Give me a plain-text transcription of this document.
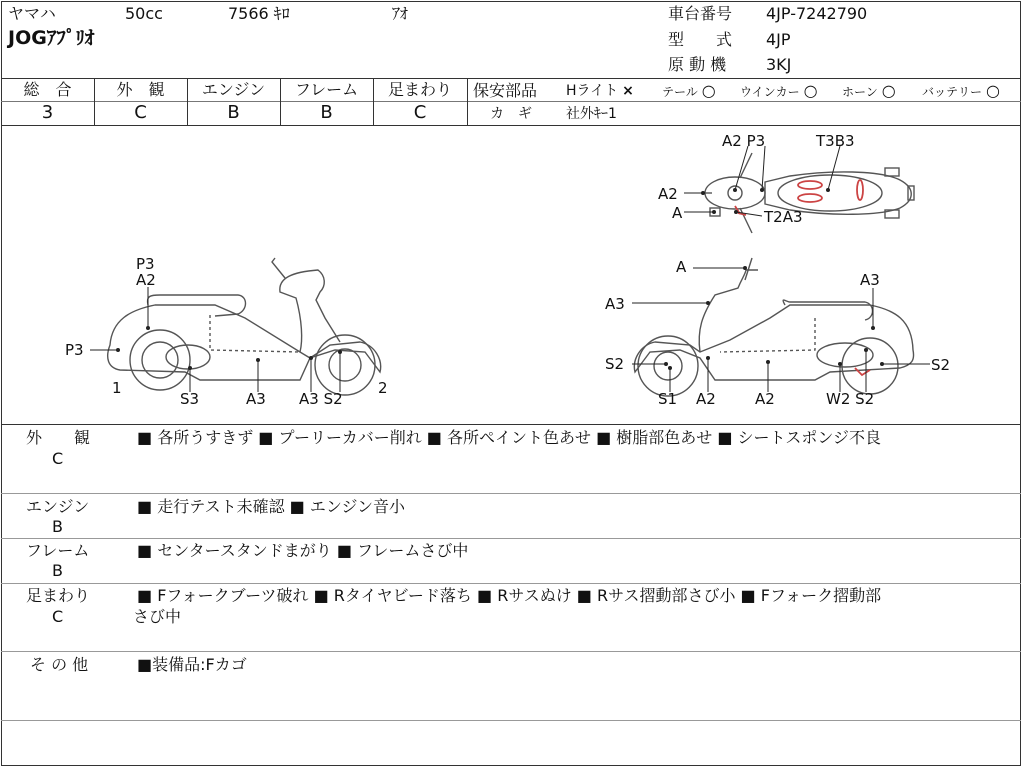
ヤマハ	50cc	7566 ｷﾛ	ｱｵ
JOGｱﾌﾟﾘｵ
車台番号 4JP-7242790
型　　式 4JP
原 動 機 3KJ
総　合	外　観	エンジン	フレーム	足まわり
3	C	B	B	C
保安部品 Hライト × テール ○ ウインカー ○ ホーン ○ バッテリー ○
カ　ギ 社外ｷｰ1
A2 P3	T3B3
A2
A	T2A3
P3
A2
P3
1
S3	A3 A3 S2
2
A
A3
A3
S2	S2
S1 A2	A2	W2 S2
外　　観
C
■ 各所うすきず ■ プーリーカバー削れ ■ 各所ペイント色あせ ■ 樹脂部色あせ ■ シートスポンジ不良
エンジン
B
■ 走行テスト未確認 ■ エンジン音小
フレーム
B
■ センタースタンドまがり ■ フレームさび中
足まわり
C
■ Fフォークブーツ破れ ■ Rタイヤビード落ち ■ Rサスぬけ ■ Rサス摺動部さび小 ■ Fフォーク摺動部
さび中
そ の 他	■装備品:Fカゴ
